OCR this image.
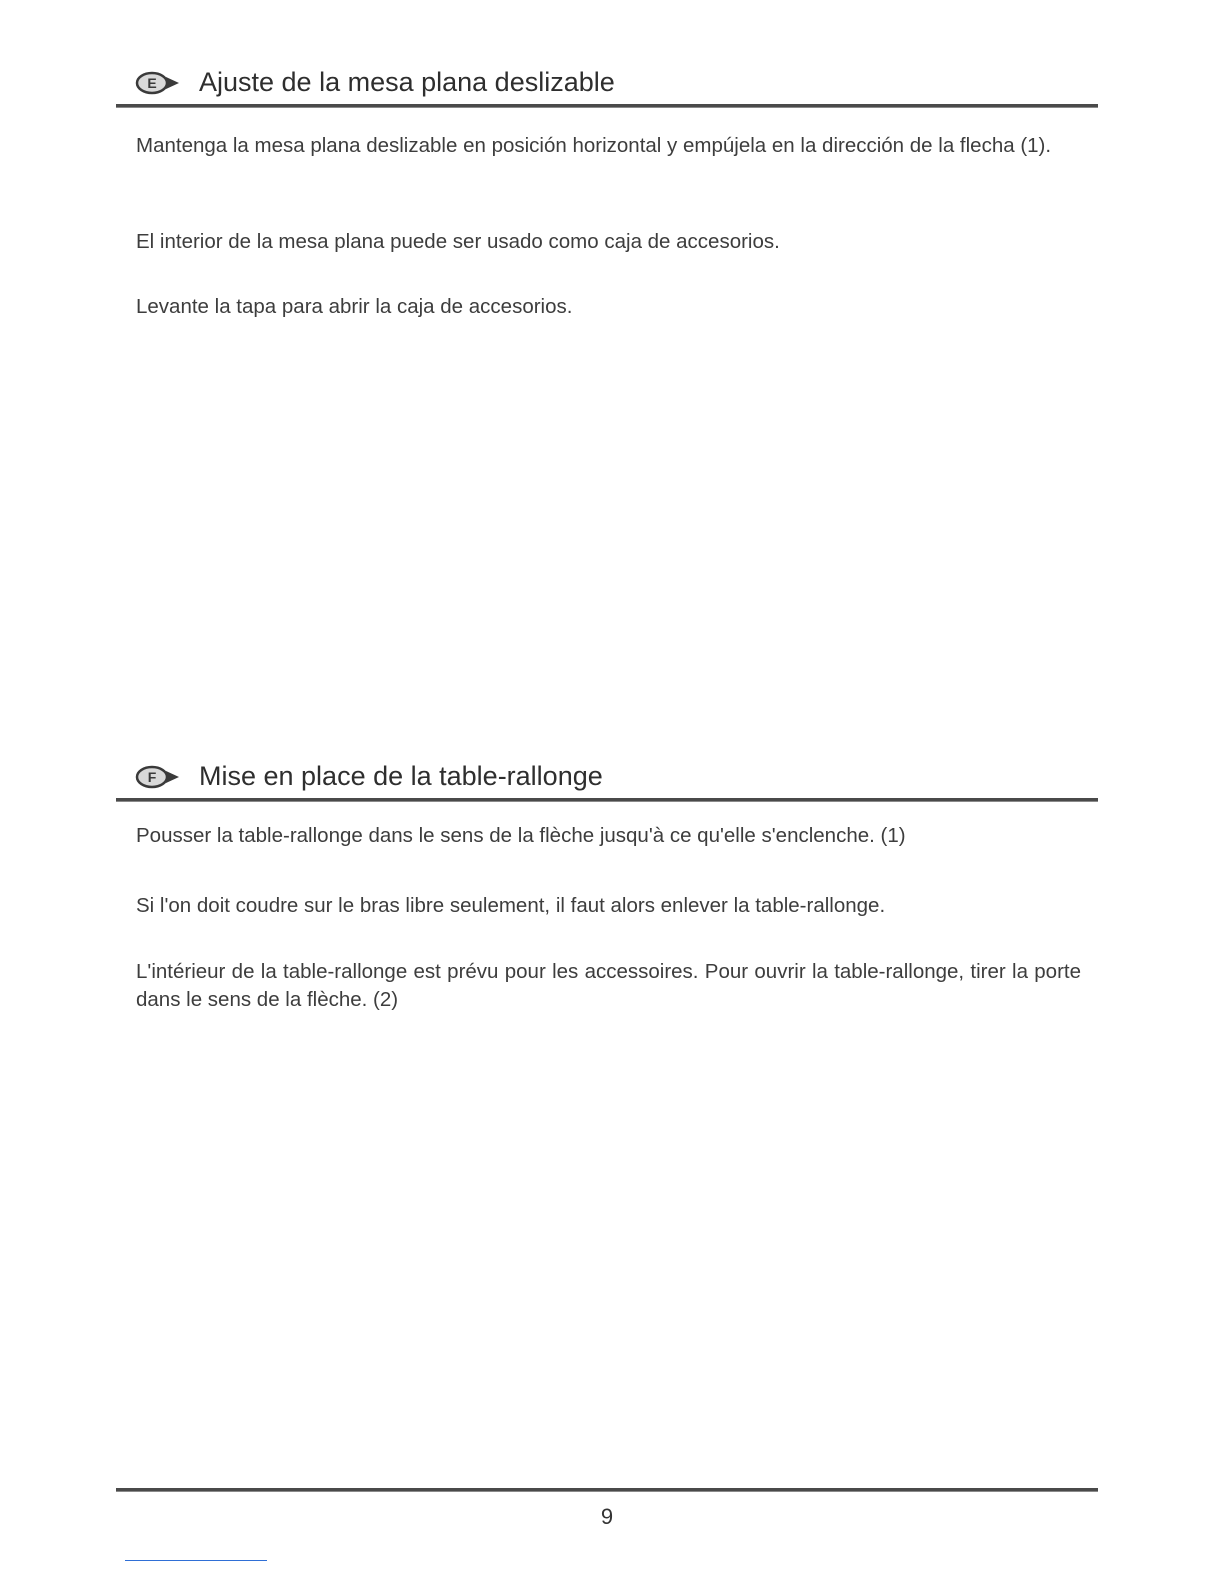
E Ajuste de la mesa plana deslizable

Mantenga la mesa plana deslizable en posición horizontal y empújela en la dirección de la flecha (1).

El interior de la mesa plana puede ser usado como caja de accesorios.

Levante la tapa para abrir la caja de accesorios.

F Mise en place de la table-rallonge

Pousser la table-rallonge dans le sens de la flèche jusqu'à ce qu'elle s'enclenche. (1)

Si l'on doit coudre sur le bras libre seulement, il faut alors enlever la table-rallonge.

L'intérieur de la table-rallonge est prévu pour les accessoires. Pour ouvrir la table-rallonge, tirer la porte dans le sens de la flèche. (2)

9
